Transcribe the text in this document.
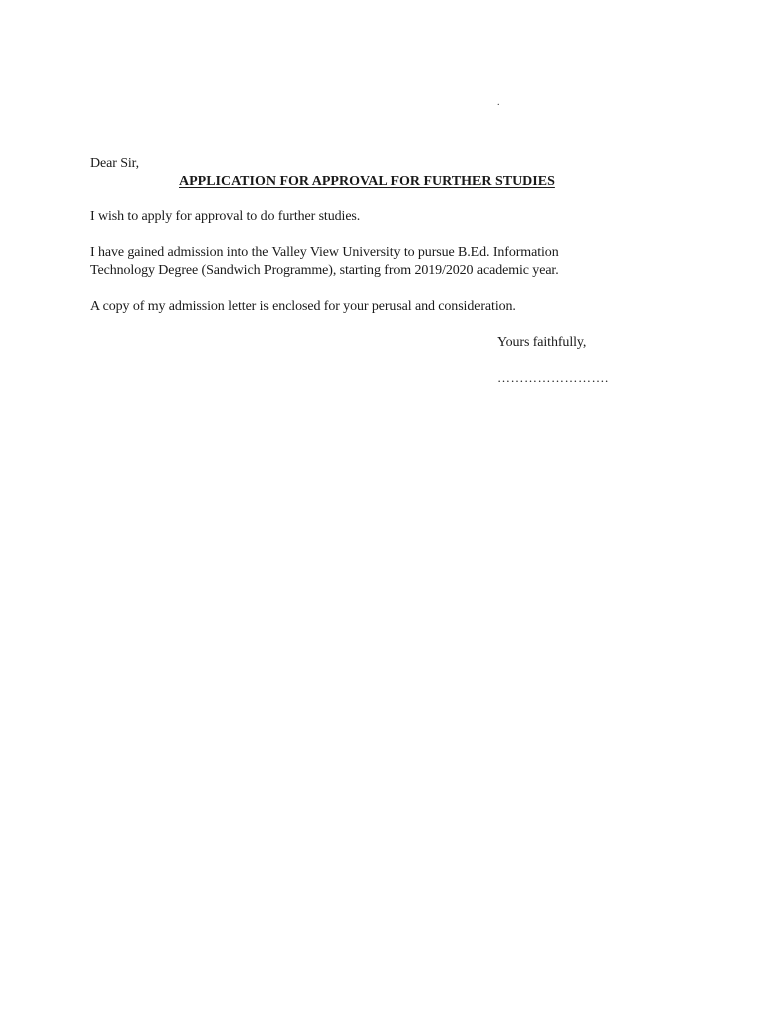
.
Dear Sir,
APPLICATION FOR APPROVAL FOR FURTHER STUDIES
I wish to apply for approval to do further studies.
I have gained admission into the Valley View University to pursue B.Ed. Information
Technology Degree (Sandwich Programme), starting from 2019/2020 academic year.
A copy of my admission letter is enclosed for your perusal and consideration.
Yours faithfully,
…………………….
